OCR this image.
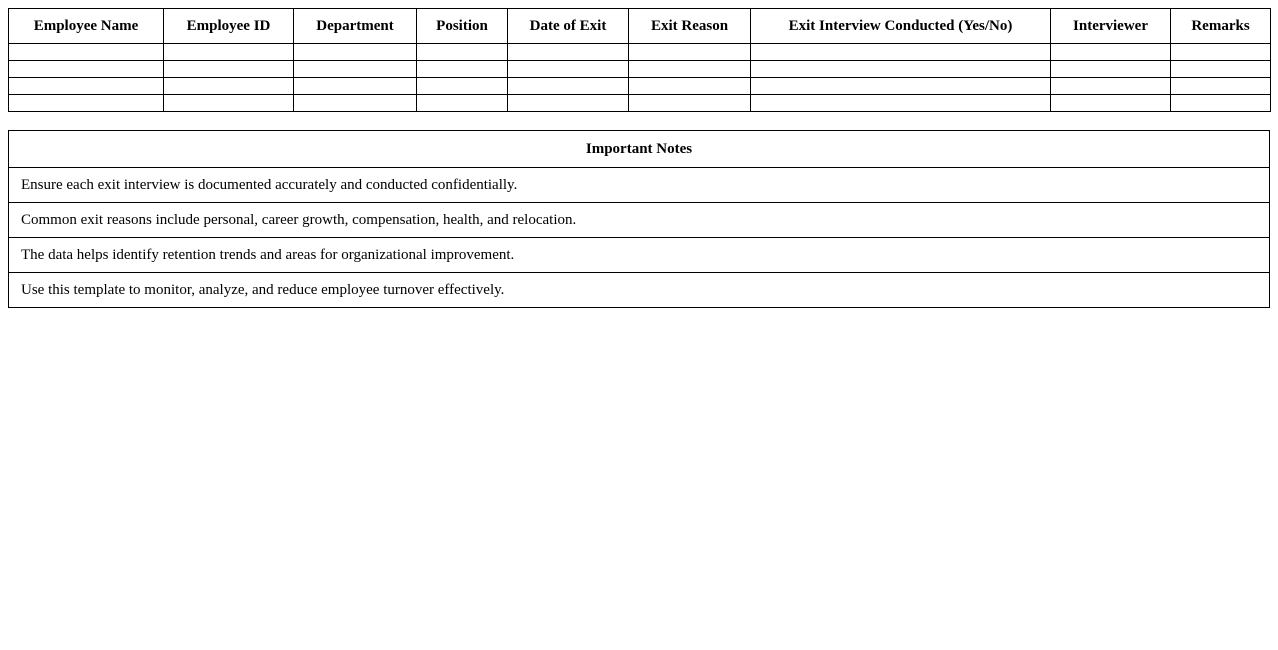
Employee Name	Employee ID	Department	Position	Date of Exit	Exit Reason	Exit Interview Conducted (Yes/No)	Interviewer	Remarks

Important Notes
Ensure each exit interview is documented accurately and conducted confidentially.
Common exit reasons include personal, career growth, compensation, health, and relocation.
The data helps identify retention trends and areas for organizational improvement.
Use this template to monitor, analyze, and reduce employee turnover effectively.
